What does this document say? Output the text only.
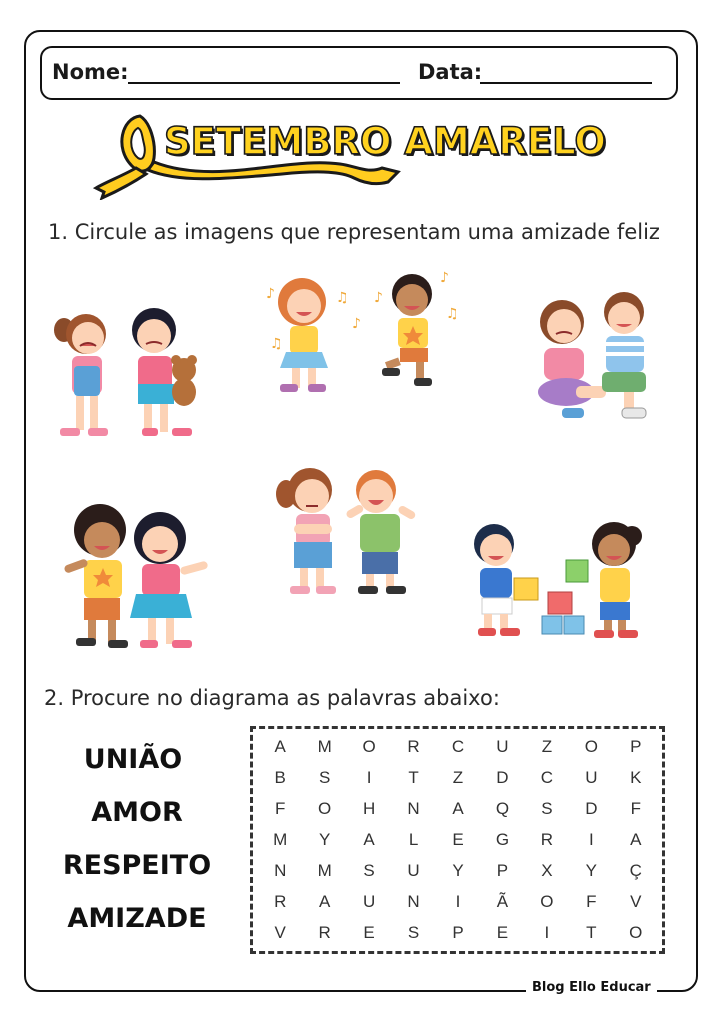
Nome:	Data:
SETEMBRO AMARELO
1. Circule as imagens que representam uma amizade feliz
♪
♫
♫
♪
♪
♪
♫
2. Procure no diagrama as palavras abaixo:
UNIÃO
AMOR
RESPEITO
AMIZADE
A	M	O	R	C	U	Z	O	P
B	S	I	T	Z	D	C	U	K
F	O	H	N	A	Q	S	D	F
M	Y	A	L	E	G	R	I	A
N	M	S	U	Y	P	X	Y	Ç
R	A	U	N	I	Ã	O	F	V
V	R	E	S	P	E	I	T	O
Blog Ello Educar
